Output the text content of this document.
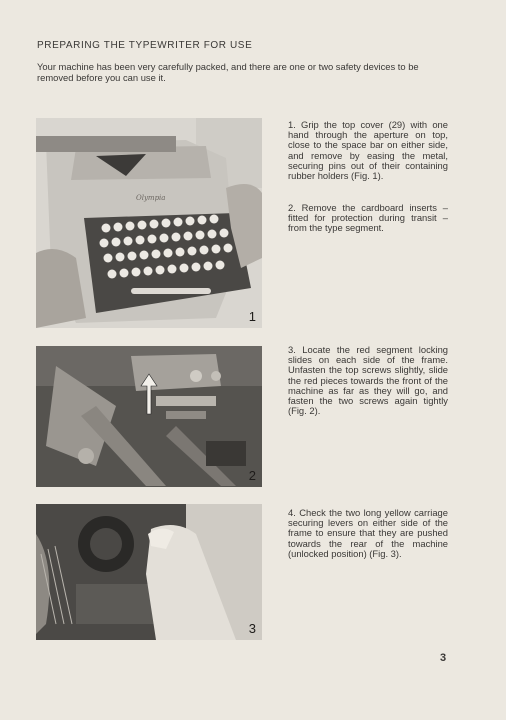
PREPARING THE TYPEWRITER FOR USE
Your machine has been very carefully packed, and there are one or two safety devices to be removed before you can use it.
Olympia
1
2
3
1. Grip the top cover (29) with one hand through the aperture on top, close to the space bar on either side, and remove by easing the metal, securing pins out of their containing rubber holders (Fig. 1).
2. Remove the cardboard inserts – fitted for protection during transit – from the type segment.
3. Locate the red segment locking slides on each side of the frame. Unfasten the top screws slightly, slide the red pieces towards the front of the machine as far as they will go, and fasten the two screws again tightly (Fig. 2).
4. Check the two long yellow carriage securing levers on either side of the frame to ensure that they are pushed towards the rear of the machine (unlocked position) (Fig. 3).
3
